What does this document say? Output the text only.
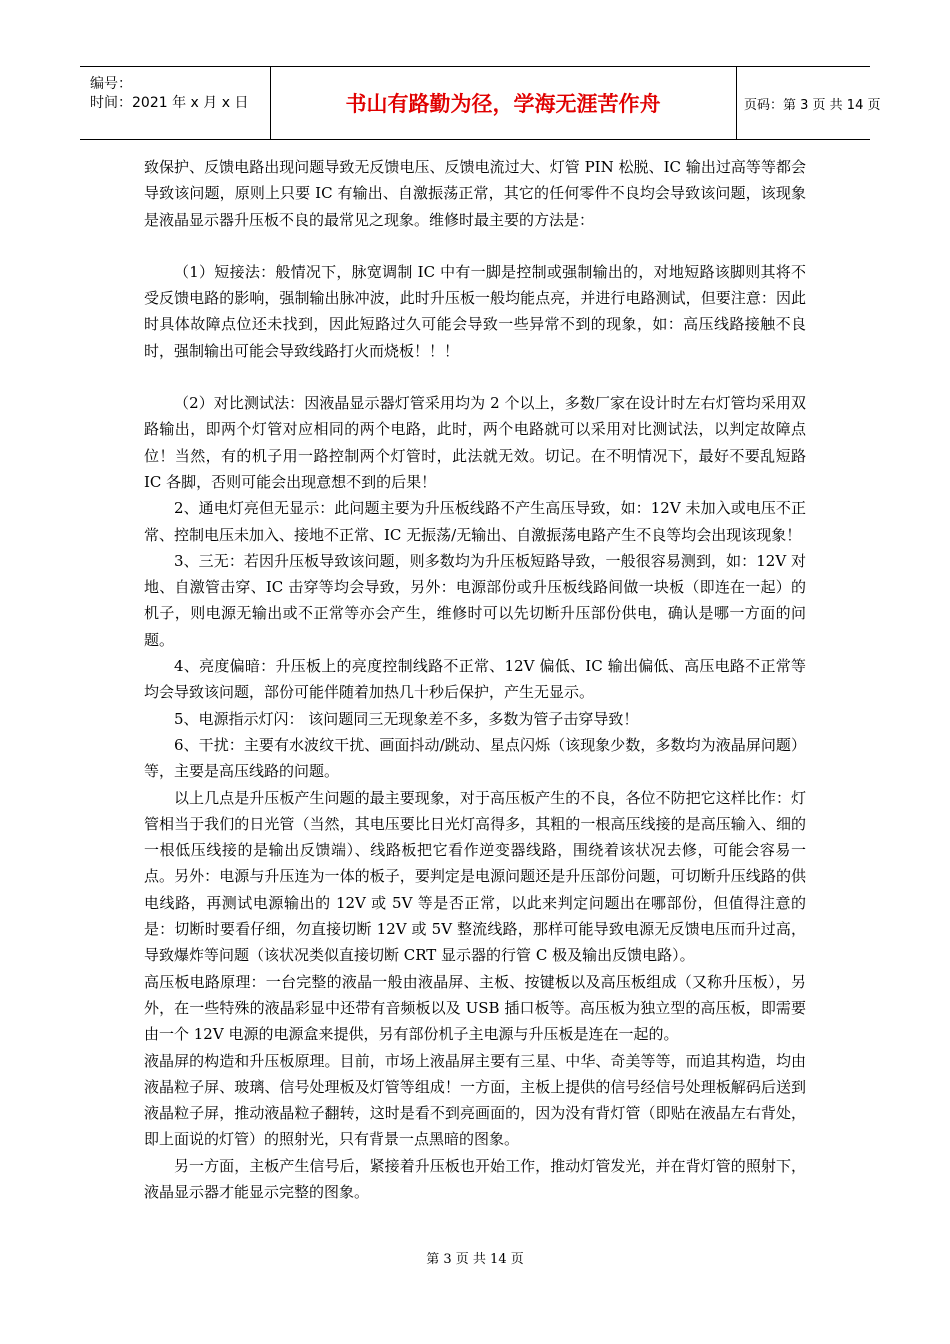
编号：
时间：2021 年 x 月 x 日	书山有路勤为径，学海无涯苦作舟	页码：第 3 页 共 14 页

致保护、反馈电路出现问题导致无反馈电压、反馈电流过大、灯管 PIN 松脱、IC 输出过高等等都会导致该问题，原则上只要 IC 有输出、自激振荡正常，其它的任何零件不良均会导致该问题，该现象是液晶显示器升压板不良的最常见之现象。维修时最主要的方法是：

（1）短接法：般情况下，脉宽调制 IC 中有一脚是控制或强制输出的，对地短路该脚则其将不受反馈电路的影响，强制输出脉冲波，此时升压板一般均能点亮，并进行电路测试，但要注意：因此时具体故障点位还未找到，因此短路过久可能会导致一些异常不到的现象，如：高压线路接触不良时，强制输出可能会导致线路打火而烧板！！！

（2）对比测试法：因液晶显示器灯管采用均为 2 个以上，多数厂家在设计时左右灯管均采用双路输出，即两个灯管对应相同的两个电路，此时，两个电路就可以采用对比测试法，以判定故障点位！当然，有的机子用一路控制两个灯管时，此法就无效。切记。在不明情况下，最好不要乱短路 IC 各脚，否则可能会出现意想不到的后果！

2、通电灯亮但无显示：此问题主要为升压板线路不产生高压导致，如：12V 未加入或电压不正常、控制电压未加入、接地不正常、IC 无振荡/无输出、自激振荡电路产生不良等均会出现该现象！

3、三无：若因升压板导致该问题，则多数均为升压板短路导致，一般很容易测到，如：12V 对地、自激管击穿、IC 击穿等均会导致，另外：电源部份或升压板线路间做一块板（即连在一起）的机子，则电源无输出或不正常等亦会产生，维修时可以先切断升压部份供电，确认是哪一方面的问题。

4、亮度偏暗：升压板上的亮度控制线路不正常、12V 偏低、IC 输出偏低、高压电路不正常等均会导致该问题，部份可能伴随着加热几十秒后保护，产生无显示。

5、电源指示灯闪： 该问题同三无现象差不多，多数为管子击穿导致！

6、干扰：主要有水波纹干扰、画面抖动/跳动、星点闪烁（该现象少数，多数均为液晶屏问题）等，主要是高压线路的问题。

以上几点是升压板产生问题的最主要现象，对于高压板产生的不良，各位不防把它这样比作：灯管相当于我们的日光管（当然，其电压要比日光灯高得多，其粗的一根高压线接的是高压输入、细的一根低压线接的是输出反馈端）、线路板把它看作逆变器线路，围绕着该状况去修，可能会容易一点。另外：电源与升压连为一体的板子，要判定是电源问题还是升压部份问题，可切断升压线路的供电线路，再测试电源输出的 12V 或 5V 等是否正常，以此来判定问题出在哪部份，但值得注意的是：切断时要看仔细，勿直接切断 12V 或 5V 整流线路，那样可能导致电源无反馈电压而升过高，导致爆炸等问题（该状况类似直接切断 CRT 显示器的行管 C 极及输出反馈电路）。

高压板电路原理：一台完整的液晶一般由液晶屏、主板、按键板以及高压板组成（又称升压板），另外，在一些特殊的液晶彩显中还带有音频板以及 USB 插口板等。高压板为独立型的高压板，即需要由一个 12V 电源的电源盒来提供，另有部份机子主电源与升压板是连在一起的。

液晶屏的构造和升压板原理。目前，市场上液晶屏主要有三星、中华、奇美等等，而追其构造，均由液晶粒子屏、玻璃、信号处理板及灯管等组成！一方面，主板上提供的信号经信号处理板解码后送到液晶粒子屏，推动液晶粒子翻转，这时是看不到亮画面的，因为没有背灯管（即贴在液晶左右背处，即上面说的灯管）的照射光，只有背景一点黑暗的图象。

另一方面，主板产生信号后，紧接着升压板也开始工作，推动灯管发光，并在背灯管的照射下，液晶显示器才能显示完整的图象。

第 3 页 共 14 页
